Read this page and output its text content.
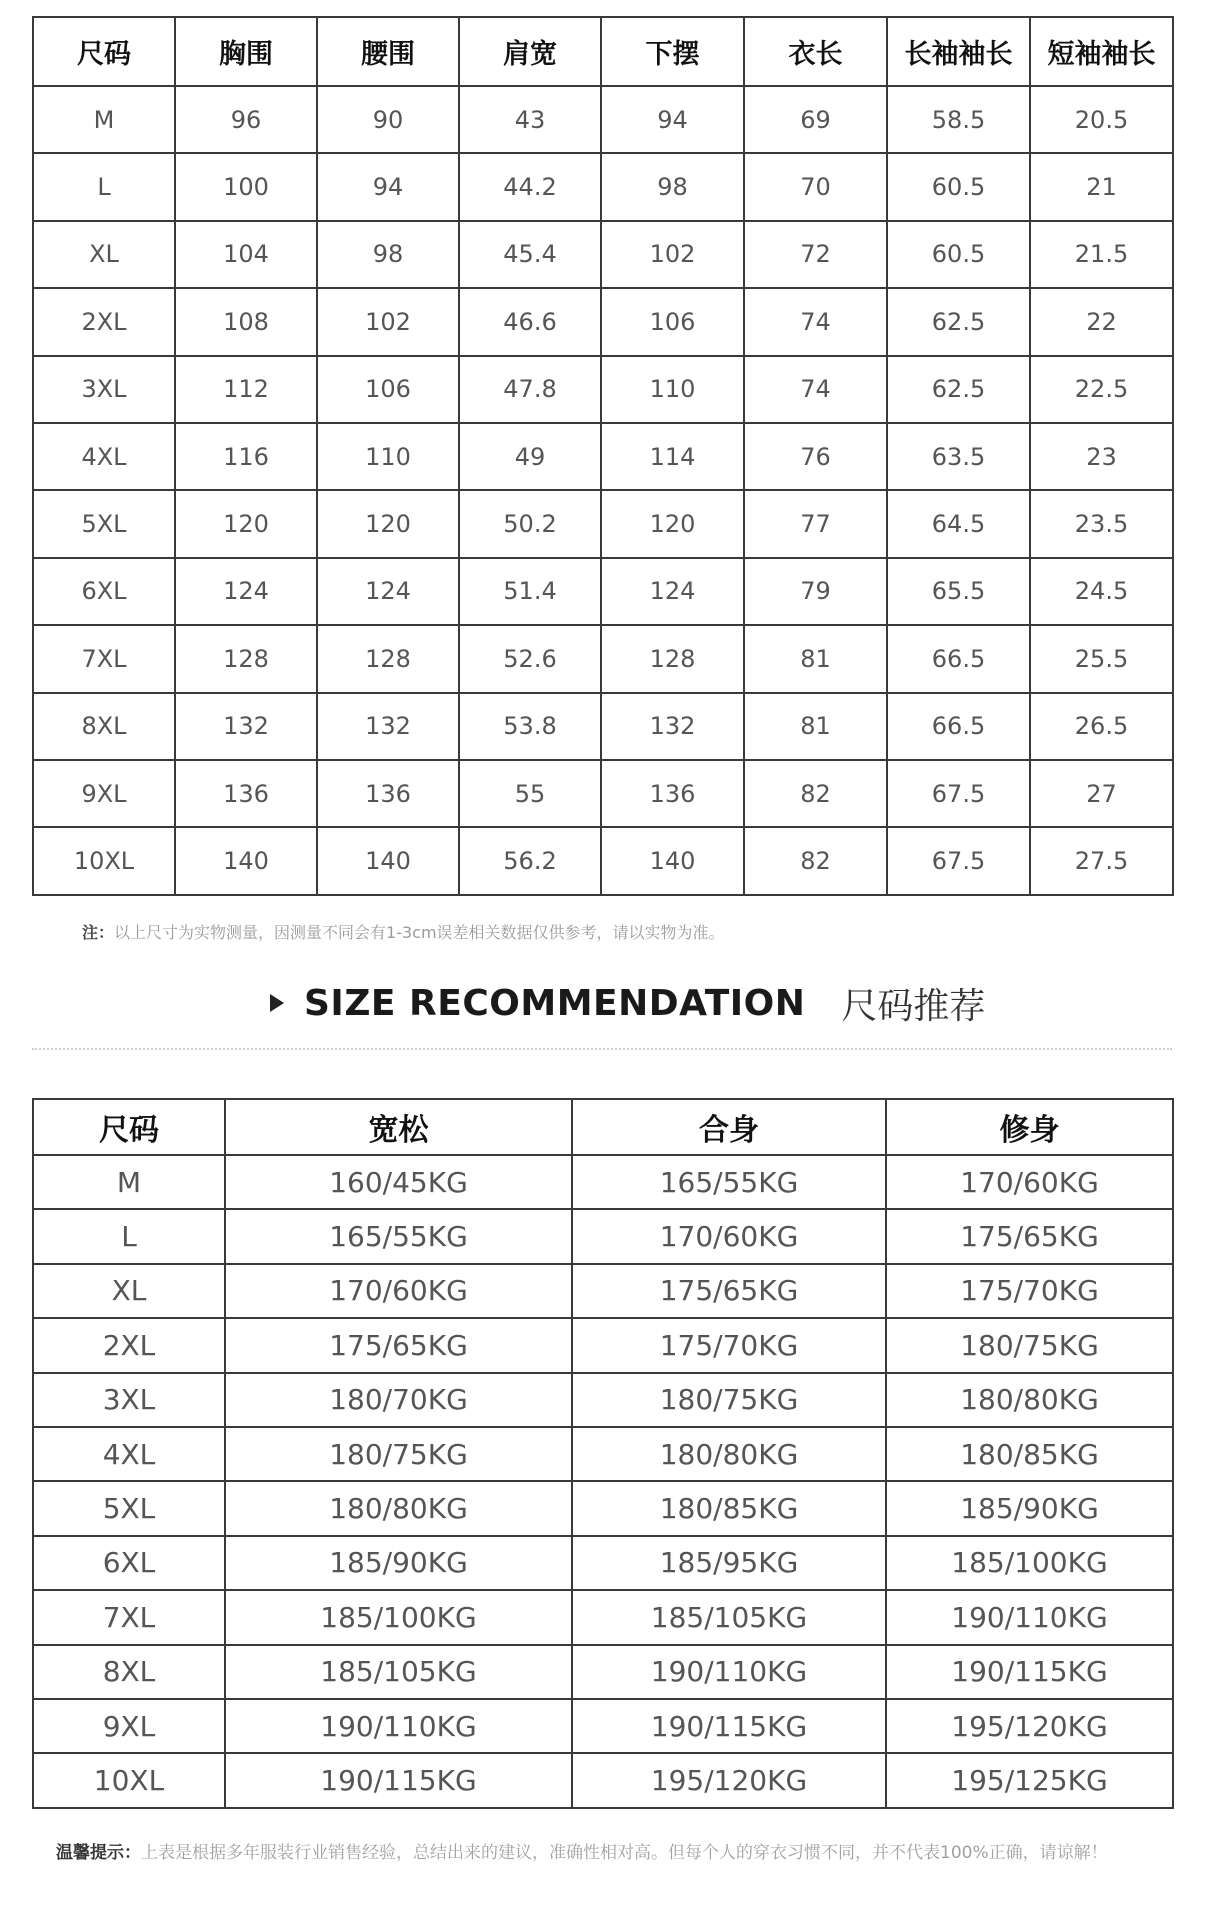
尺码	胸围	腰围	肩宽	下摆	衣长	长袖袖长	短袖袖长
M	96	90	43	94	69	58.5	20.5
L	100	94	44.2	98	70	60.5	21
XL	104	98	45.4	102	72	60.5	21.5
2XL	108	102	46.6	106	74	62.5	22
3XL	112	106	47.8	110	74	62.5	22.5
4XL	116	110	49	114	76	63.5	23
5XL	120	120	50.2	120	77	64.5	23.5
6XL	124	124	51.4	124	79	65.5	24.5
7XL	128	128	52.6	128	81	66.5	25.5
8XL	132	132	53.8	132	81	66.5	26.5
9XL	136	136	55	136	82	67.5	27
10XL	140	140	56.2	140	82	67.5	27.5
注：以上尺寸为实物测量，因测量不同会有1-3cm误差相关数据仅供参考，请以实物为准。
SIZE RECOMMENDATION 尺码推荐
尺码	宽松	合身	修身
M	160/45KG	165/55KG	170/60KG
L	165/55KG	170/60KG	175/65KG
XL	170/60KG	175/65KG	175/70KG
2XL	175/65KG	175/70KG	180/75KG
3XL	180/70KG	180/75KG	180/80KG
4XL	180/75KG	180/80KG	180/85KG
5XL	180/80KG	180/85KG	185/90KG
6XL	185/90KG	185/95KG	185/100KG
7XL	185/100KG	185/105KG	190/110KG
8XL	185/105KG	190/110KG	190/115KG
9XL	190/110KG	190/115KG	195/120KG
10XL	190/115KG	195/120KG	195/125KG
温馨提示：上表是根据多年服装行业销售经验，总结出来的建议，准确性相对高。但每个人的穿衣习惯不同，并不代表100%正确，请谅解！
